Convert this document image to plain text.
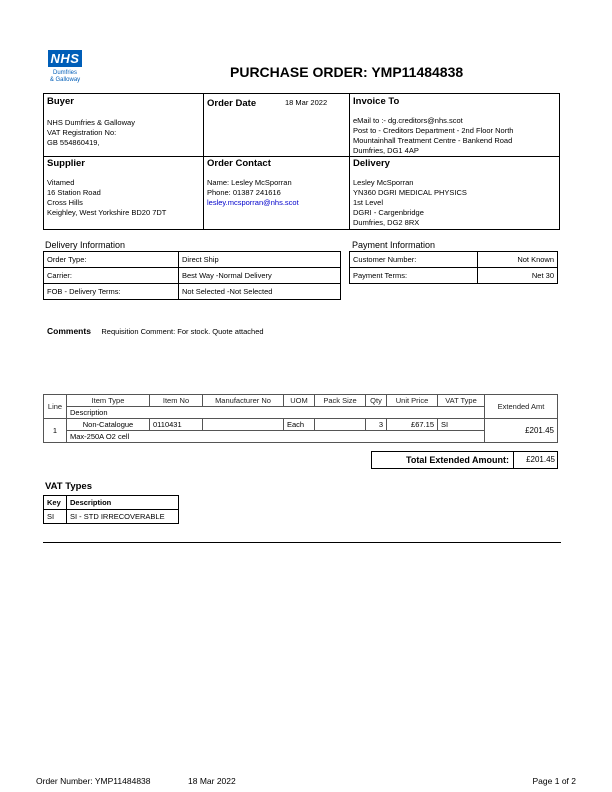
NHS
Dumfries
& Galloway	PURCHASE ORDER: YMP11484838
Buyer
NHS Dumfries & Galloway
VAT Registration No:
GB 554860419,
Order Date	18 Mar 2022	Invoice To
eMail to :- dg.creditors@nhs.scot
Post to - Creditors Department - 2nd Floor North
Mountainhall Treatment Centre - Bankend Road
Dumfries, DG1 4AP
Supplier
Vitamed
16 Station Road
Cross Hills
Keighley, West Yorkshire BD20 7DT
Order Contact
Name: Lesley McSporran
Phone: 01387 241616
lesley.mcsporran@nhs.scot
Delivery
Lesley McSporran
YN360 DGRI MEDICAL PHYSICS
1st Level
DGRI - Cargenbridge
Dumfries, DG2 8RX
Delivery Information
Order Type:	Direct Ship
Carrier:	Best Way -Normal Delivery
FOB - Delivery Terms:	Not Selected -Not Selected
Payment Information
Customer Number:	Not Known
Payment Terms:	Net 30
Comments Requisition Comment: For stock. Quote attached
Line	Item Type	Item No	Manufacturer No	UOM	Pack Size	Qty	Unit Price	VAT Type	Extended Amt
	Description								
1	Non-Catalogue	0110431		Each		3	£67.15	SI	£201.45
	Max-250A O2 cell								
Total Extended Amount:	£201.45
VAT Types
Key	Description
SI	SI - STD IRRECOVERABLE
Order Number: YMP11484838	18 Mar 2022	Page 1 of 2
